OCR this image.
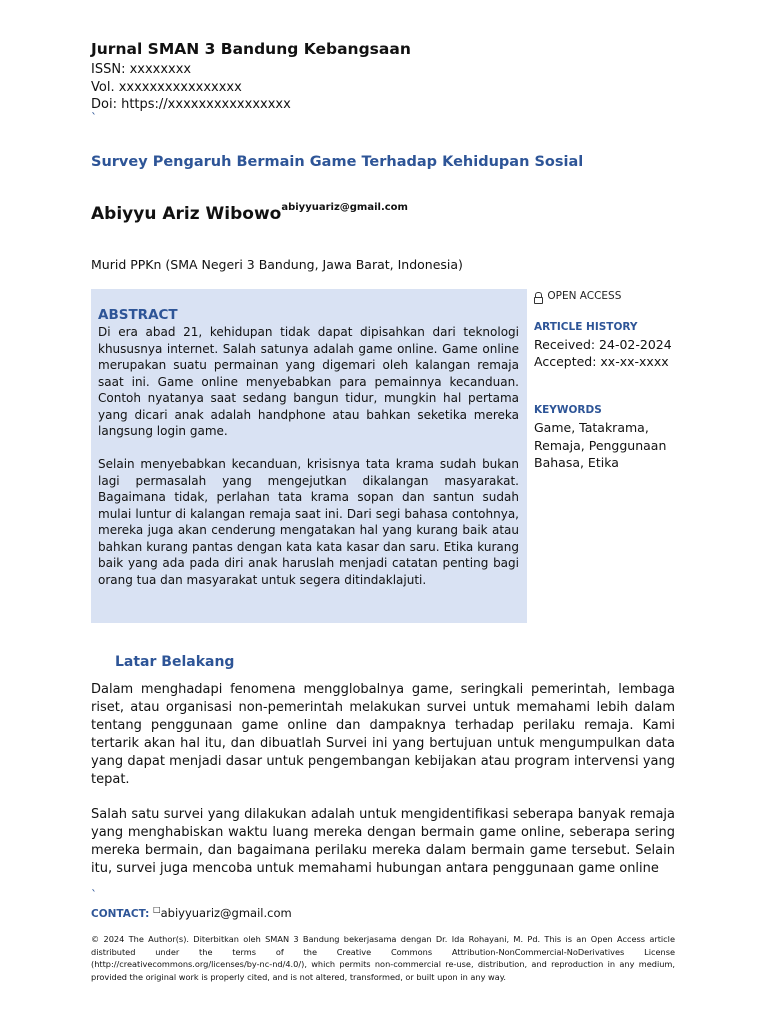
Jurnal SMAN 3 Bandung Kebangsaan
ISSN: xxxxxxxx
Vol. xxxxxxxxxxxxxxxx
Doi: https://xxxxxxxxxxxxxxxx
`
Survey Pengaruh Bermain Game Terhadap Kehidupan Sosial
Abiyyu Ariz Wibowo$^{abiyyuariz@gmail.com}$
Murid PPKn (SMA Negeri 3 Bandung, Jawa Barat, Indonesia)
ABSTRACT

Di era abad 21, kehidupan tidak dapat dipisahkan dari teknologi khususnya internet. Salah satunya adalah game online. Game online merupakan suatu permainan yang digemari oleh kalangan remaja saat ini. Game online menyebabkan para pemainnya kecanduan. Contoh nyatanya saat sedang bangun tidur, mungkin hal pertama yang dicari anak adalah handphone atau bahkan seketika mereka langsung login game.

Selain menyebabkan kecanduan, krisisnya tata krama sudah bukan lagi permasalah yang mengejutkan dikalangan masyarakat. Bagaimana tidak, perlahan tata krama sopan dan santun sudah mulai luntur di kalangan remaja saat ini. Dari segi bahasa contohnya, mereka juga akan cenderung mengatakan hal yang kurang baik atau bahkan kurang pantas dengan kata kata kasar dan saru. Etika kurang baik yang ada pada diri anak haruslah menjadi catatan penting bagi orang tua dan masyarakat untuk segera ditindaklajuti.

OPEN ACCESS
ARTICLE HISTORY
Received: 24-02-2024
Accepted: xx-xx-xxxx
KEYWORDS
Game, Tatakrama,
Remaja, Penggunaan
Bahasa, Etika
Latar Belakang

Dalam menghadapi fenomena mengglobalnya game, seringkali pemerintah, lembaga riset, atau organisasi non-pemerintah melakukan survei untuk memahami lebih dalam tentang penggunaan game online dan dampaknya terhadap perilaku remaja. Kami tertarik akan hal itu, dan dibuatlah Survei ini yang bertujuan untuk mengumpulkan data yang dapat menjadi dasar untuk pengembangan kebijakan atau program intervensi yang tepat.

Salah satu survei yang dilakukan adalah untuk mengidentifikasi seberapa banyak remaja yang menghabiskan waktu luang mereka dengan bermain game online, seberapa sering mereka bermain, dan bagaimana perilaku mereka dalam bermain game tersebut. Selain itu, survei juga mencoba untuk memahami hubungan antara penggunaan game online

`
CONTACT: □abiyyuariz@gmail.com

© 2024 The Author(s). Diterbitkan oleh SMAN 3 Bandung bekerjasama dengan Dr. Ida Rohayani, M. Pd. This is an Open Access article distributed under the terms of the Creative Commons Attribution-NonCommercial-NoDerivatives License (http://creativecommons.org/licenses/by-nc-nd/4.0/), which permits non-commercial re-use, distribution, and reproduction in any medium, provided the original work is properly cited, and is not altered, transformed, or built upon in any way.
